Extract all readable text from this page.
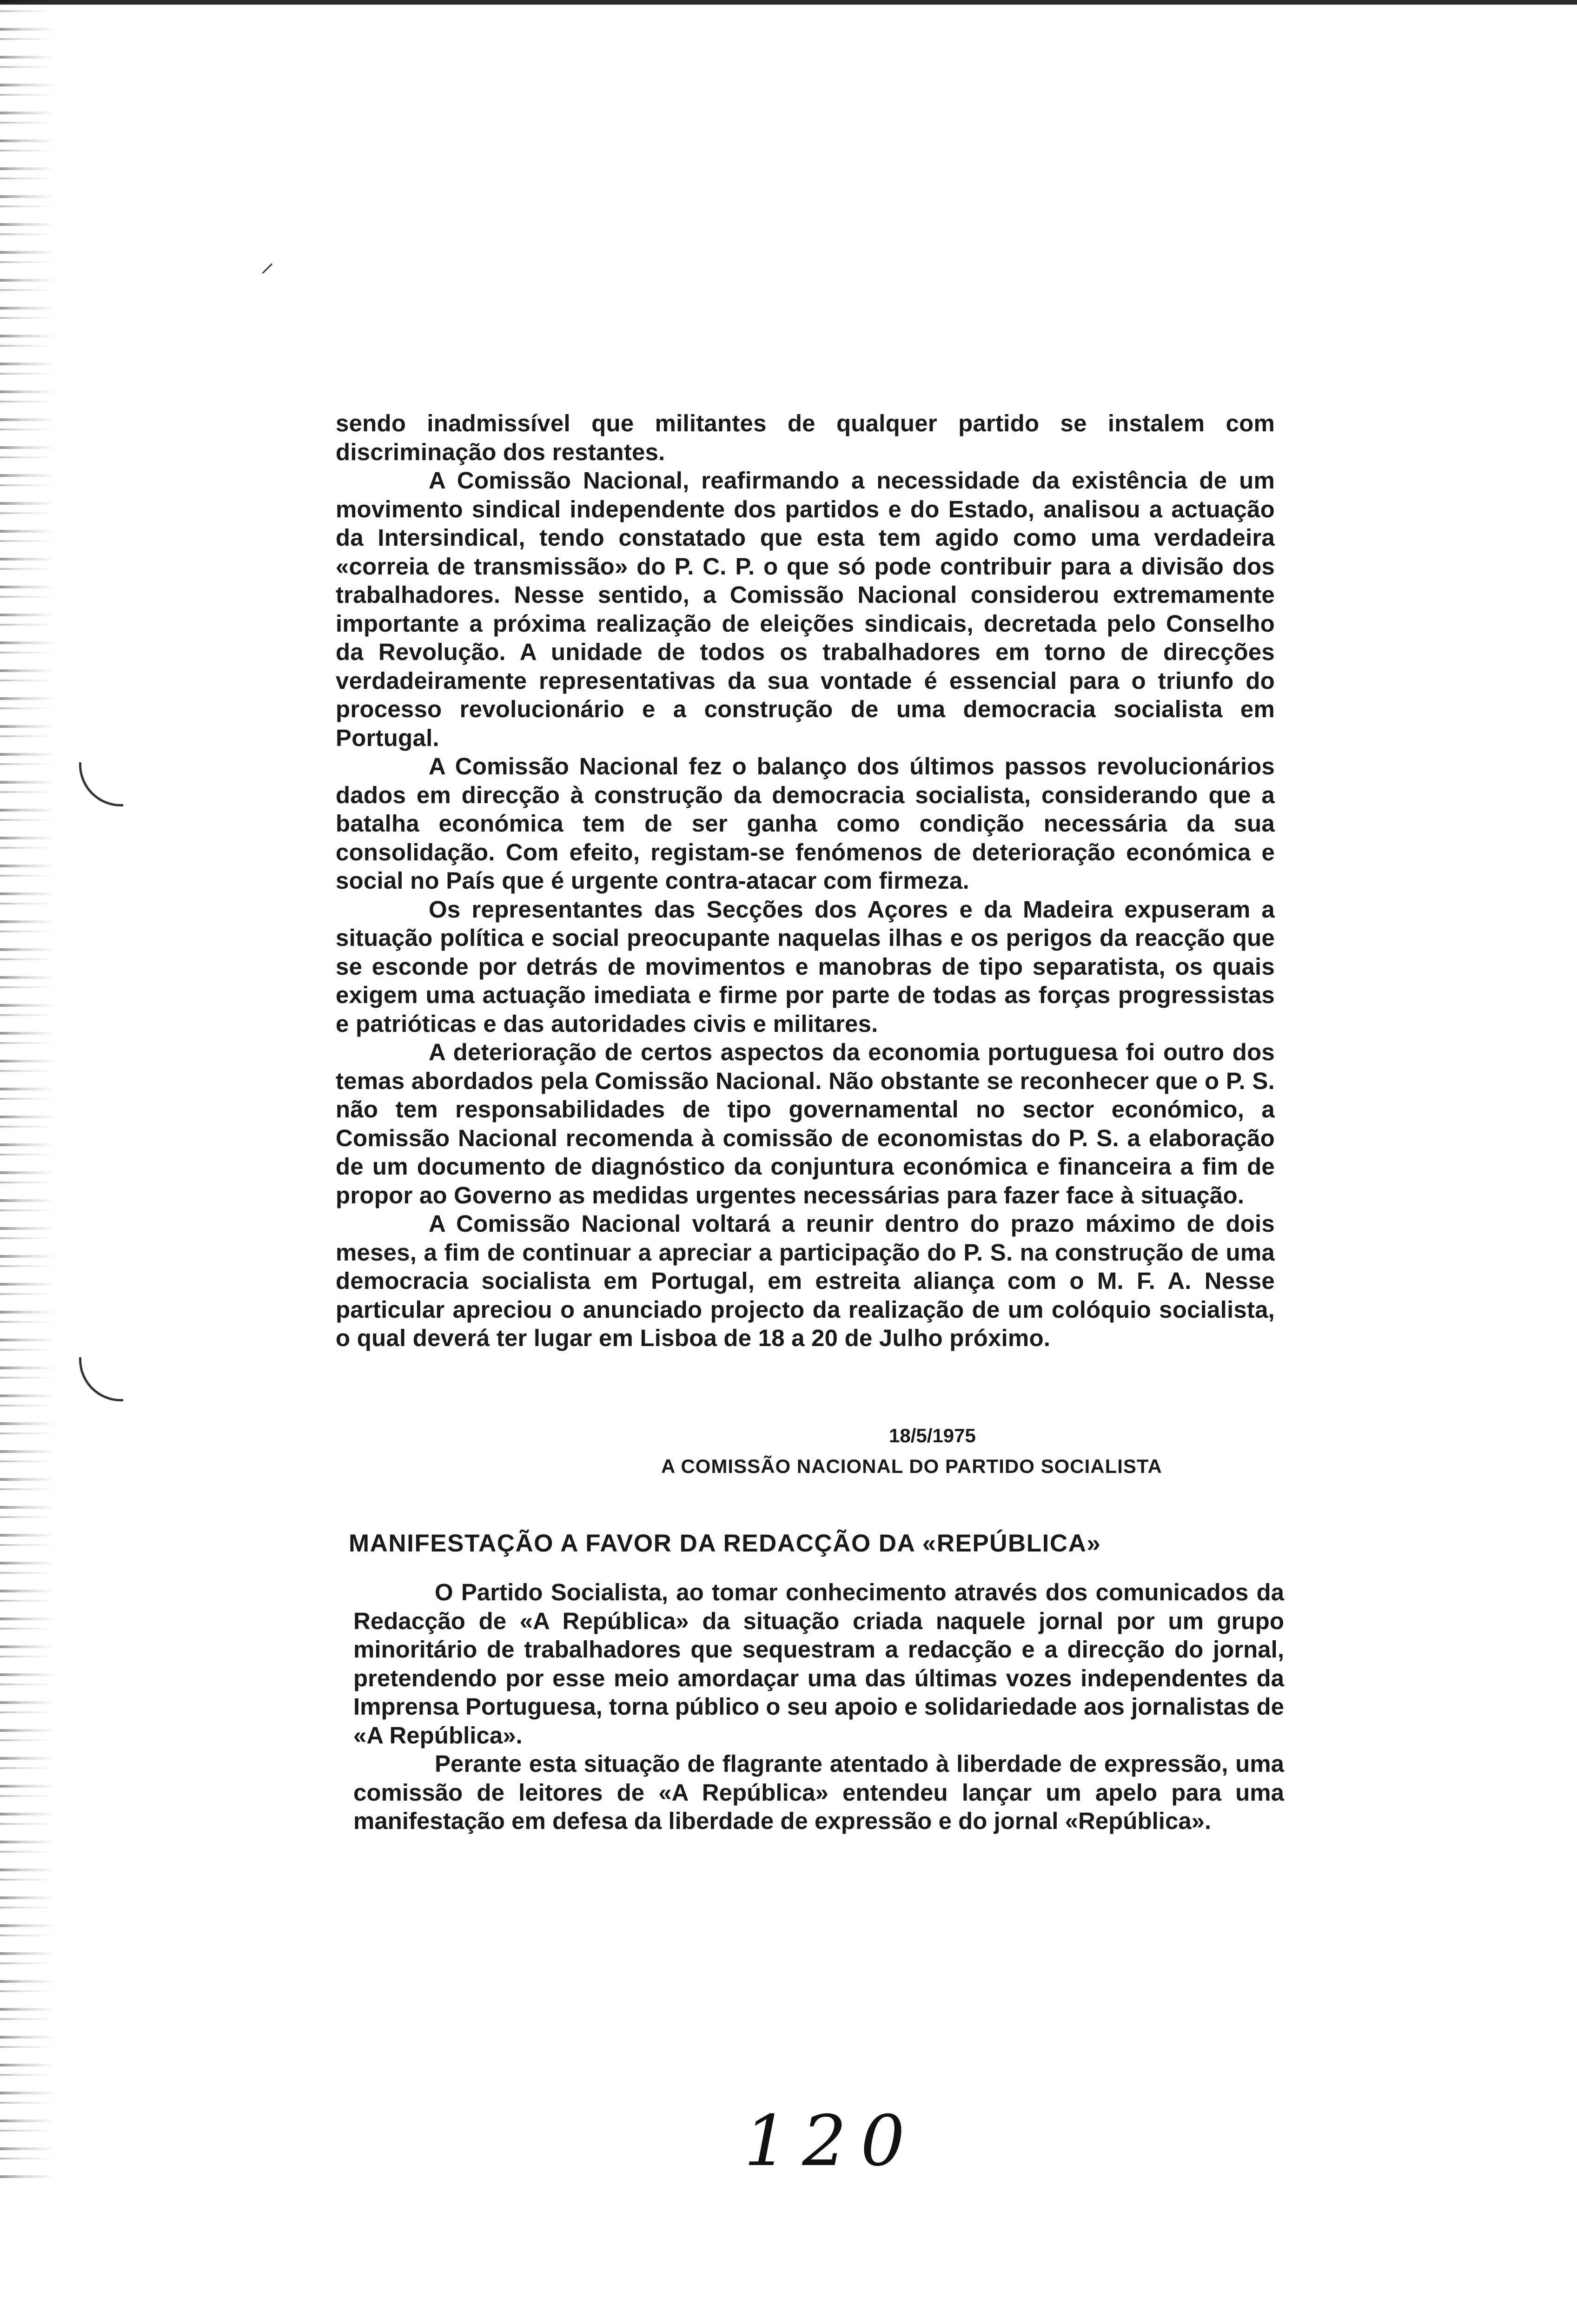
⸝

sendo inadmissível que militantes de qualquer partido se instalem com discriminação dos restantes.

A Comissão Nacional, reafirmando a necessidade da existência de um movimento sindical independente dos partidos e do Estado, analisou a actuação da Intersindical, tendo constatado que esta tem agido como uma verdadeira «correia de transmissão» do P. C. P. o que só pode contribuir para a divisão dos trabalhadores. Nesse sentido, a Comissão Nacional considerou extremamente importante a próxima realização de eleições sindicais, decretada pelo Conselho da Revolução. A unidade de todos os trabalhadores em torno de direcções verdadeiramente representativas da sua vontade é essencial para o triunfo do processo revolucionário e a construção de uma democracia socialista em Portugal.

A Comissão Nacional fez o balanço dos últimos passos revolucionários dados em direcção à construção da democracia socialista, considerando que a batalha económica tem de ser ganha como condição necessária da sua consolidação. Com efeito, registam-se fenómenos de deterioração económica e social no País que é urgente contra-atacar com firmeza.

Os representantes das Secções dos Açores e da Madeira expuseram a situação política e social preocupante naquelas ilhas e os perigos da reacção que se esconde por detrás de movimentos e manobras de tipo separatista, os quais exigem uma actuação imediata e firme por parte de todas as forças progressistas e patrióticas e das autoridades civis e militares.

A deterioração de certos aspectos da economia portuguesa foi outro dos temas abordados pela Comissão Nacional. Não obstante se reconhecer que o P. S. não tem responsabilidades de tipo governamental no sector económico, a Comissão Nacional recomenda à comissão de economistas do P. S. a elaboração de um documento de diagnóstico da conjuntura económica e financeira a fim de propor ao Governo as medidas urgentes necessárias para fazer face à situação.

A Comissão Nacional voltará a reunir dentro do prazo máximo de dois meses, a fim de continuar a apreciar a participação do P. S. na construção de uma democracia socialista em Portugal, em estreita aliança com o M. F. A. Nesse particular apreciou o anunciado projecto da realização de um colóquio socialista, o qual deverá ter lugar em Lisboa de 18 a 20 de Julho próximo.

18/5/1975
A COMISSÃO NACIONAL DO PARTIDO SOCIALISTA
MANIFESTAÇÃO A FAVOR DA REDACÇÃO DA «REPÚBLICA»

O Partido Socialista, ao tomar conhecimento através dos comunicados da Redacção de «A República» da situação criada naquele jornal por um grupo minoritário de trabalhadores que sequestram a redacção e a direcção do jornal, pretendendo por esse meio amordaçar uma das últimas vozes independentes da Imprensa Portuguesa, torna público o seu apoio e solidariedade aos jornalistas de «A República».

Perante esta situação de flagrante atentado à liberdade de expressão, uma comissão de leitores de «A República» entendeu lançar um apelo para uma manifestação em defesa da liberdade de expressão e do jornal «República».

120
